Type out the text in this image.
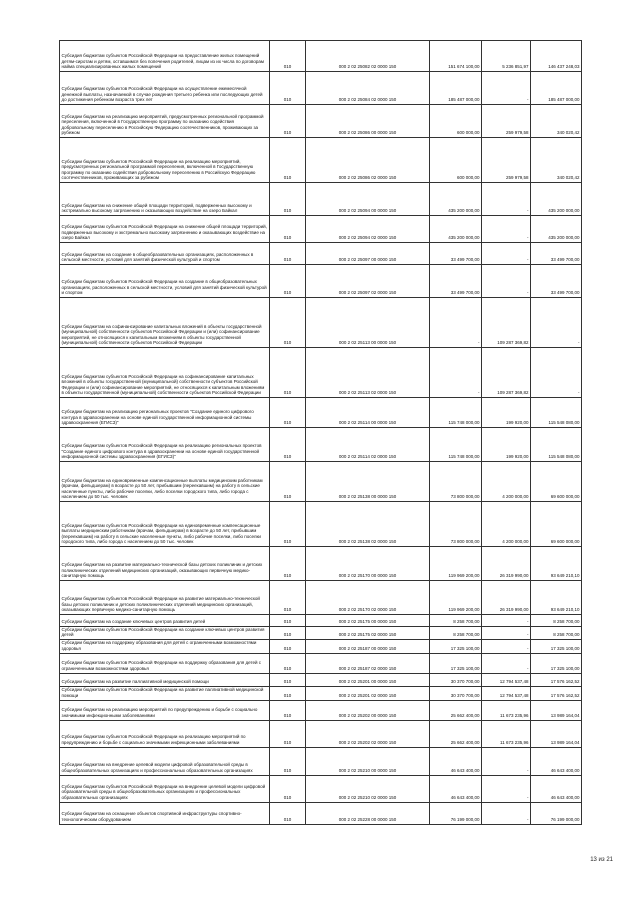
Субсидия бюджетам субъектов Российской Федерации на предоставление жилых помещений детям-сиротам и детям, оставшимся без попечения родителей, лицам из их числа по договорам найма специализированных жилых помещений	010	000 2 02 25082 02 0000 150	151 674 100,00	5 236 851,97	146 437 248,03
Субсидии бюджетам субъектов Российской Федерации на осуществление ежемесячной денежной выплаты, назначаемой в случае рождения третьего ребенка или последующих детей до достижения ребенком возраста трех лет	010	000 2 02 25084 02 0000 150	185 487 000,00	-	185 487 000,00
Субсидии бюджетам на реализацию мероприятий, предусмотренных региональной программой переселения, включенной в Государственную программу по оказанию содействия добровольному переселению в Российскую Федерацию соотечественников, проживающих за рубежом	010	000 2 02 25086 00 0000 150	600 000,00	259 979,58	340 020,42
Субсидии бюджетам субъектов Российской Федерации на реализацию мероприятий, предусмотренных региональной программой переселения, включенной в Государственную программу по оказанию содействия добровольному переселению в Российскую Федерацию соотечественников, проживающих за рубежом	010	000 2 02 25086 02 0000 150	600 000,00	259 979,58	340 020,42
Субсидии бюджетам на снижение общей площади территорий, подверженных высокому и экстремально высокому загрязнению и оказывающих воздействие на озеро Байкал	010	000 2 02 25094 00 0000 150	435 200 000,00	-	435 200 000,00
Субсидии бюджетам субъектов Российской Федерации на снижение общей площади территорий, подверженных высокому и экстремально высокому загрязнению и оказывающих воздействие на озеро Байкал	010	000 2 02 25094 02 0000 150	435 200 000,00	-	435 200 000,00
Субсидии бюджетам на создание в общеобразовательных организациях, расположенных в сельской местности, условий для занятий физической культурой и спортом	010	000 2 02 25097 00 0000 150	33 499 700,00	-	33 499 700,00
Субсидии бюджетам субъектов Российской Федерации на создание в общеобразовательных организациях, расположенных в сельской местности, условий для занятий физической культурой и спортом	010	000 2 02 25097 02 0000 150	33 499 700,00	-	33 499 700,00
Субсидии бюджетам на софинансирование капитальных вложений в объекты государственной (муниципальной) собственности субъектов Российской Федерации и (или) софинансирование мероприятий, не относящихся к капитальным вложениям в объекты государственной (муниципальной) собственности субъектов Российской Федерации	010	000 2 02 25113 00 0000 150	-	109 287 369,82	-
Субсидии бюджетам субъектов Российской Федерации на софинансирование капитальных вложений в объекты государственной (муниципальной) собственности субъектов Российской Федерации и (или) софинансирование мероприятий, не относящихся к капитальным вложениям в объекты государственной (муниципальной) собственности субъектов Российской Федерации	010	000 2 02 25113 02 0000 150	-	109 287 369,82	-
Субсидии бюджетам на реализацию региональных проектов "Создание единого цифрового контура в здравоохранении на основе единой государственной информационной системы здравоохранения (ЕГИСЗ)"	010	000 2 02 25114 00 0000 150	115 748 000,00	199 920,00	115 548 080,00
Субсидии бюджетам субъектов Российской Федерации на реализацию региональных проектов "Создание единого цифрового контура в здравоохранении на основе единой государственной информационной системы здравоохранения (ЕГИСЗ)"	010	000 2 02 25114 02 0000 150	115 748 000,00	199 920,00	115 548 080,00
Субсидии бюджетам на единовременные компенсационные выплаты медицинским работникам (врачам, фельдшерам) в возрасте до 50 лет, прибывшим (переехавшим) на работу в сельские населенные пункты, либо рабочие поселки, либо поселки городского типа, либо города с населением до 50 тыс. человек	010	000 2 02 25138 00 0000 150	73 800 000,00	4 200 000,00	69 600 000,00
Субсидии бюджетам субъектов Российской Федерации на единовременные компенсационные выплаты медицинским работникам (врачам, фельдшерам) в возрасте до 50 лет, прибывшим (переехавшим) на работу в сельские населенные пункты, либо рабочие поселки, либо поселки городского типа, либо города с населением до 50 тыс. человек	010	000 2 02 25138 02 0000 150	73 800 000,00	4 200 000,00	69 600 000,00
Субсидии бюджетам на развитие материально-технической базы детских поликлиник и детских поликлинических отделений медицинских организаций, оказывающих первичную медико-санитарную помощь	010	000 2 02 25170 00 0000 150	119 969 200,00	26 319 990,00	93 649 210,10
Субсидии бюджетам субъектов Российской Федерации на развитие материально-технической базы детских поликлиник и детских поликлинических отделений медицинских организаций, оказывающих первичную медико-санитарную помощь	010	000 2 02 25170 02 0000 150	119 969 200,00	26 319 990,00	93 649 210,10
Субсидии бюджетам на создание ключевых центров развития детей	010	000 2 02 25175 00 0000 150	8 258 700,00	-	8 258 700,00
Субсидии бюджетам субъектов Российской Федерации на создание ключевых центров развития детей	010	000 2 02 25175 02 0000 150	8 258 700,00	-	8 258 700,00
Субсидии бюджетам на поддержку образования для детей с ограниченными возможностями здоровья	010	000 2 02 25187 00 0000 150	17 325 100,00	-	17 325 100,00
Субсидии бюджетам субъектов Российской Федерации на поддержку образования для детей с ограниченными возможностями здоровья	010	000 2 02 25187 02 0000 150	17 325 100,00	-	17 325 100,00
Субсидии бюджетам на развитие паллиативной медицинской помощи	010	000 2 02 25201 00 0000 150	30 370 700,00	12 794 537,48	17 576 162,52
Субсидии бюджетам субъектов Российской Федерации на развитие паллиативной медицинской помощи	010	000 2 02 25201 02 0000 150	30 370 700,00	12 794 537,48	17 576 162,52
Субсидии бюджетам на реализацию мероприятий по предупреждению и борьбе с социально значимыми инфекционными заболеваниями	010	000 2 02 25202 00 0000 150	25 662 400,00	11 673 235,96	13 989 164,04
Субсидии бюджетам субъектов Российской Федерации на реализацию мероприятий по предупреждению и борьбе с социально значимыми инфекционными заболеваниями	010	000 2 02 25202 02 0000 150	25 662 400,00	11 673 235,96	13 989 164,04
Субсидии бюджетам на внедрение целевой модели цифровой образовательной среды в общеобразовательных организациях и профессиональных образовательных организациях	010	000 2 02 25210 00 0000 150	46 643 400,00	-	46 643 400,00
Субсидии бюджетам субъектов Российской Федерации на внедрение целевой модели цифровой образовательной среды в общеобразовательных организациях и профессиональных образовательных организациях	010	000 2 02 25210 02 0000 150	46 643 400,00	-	46 643 400,00
Субсидии бюджетам на оснащение объектов спортивной инфраструктуры спортивно-технологическим оборудованием	010	000 2 02 25228 00 0000 150	76 199 000,00	-	76 199 000,00
13 из 21
